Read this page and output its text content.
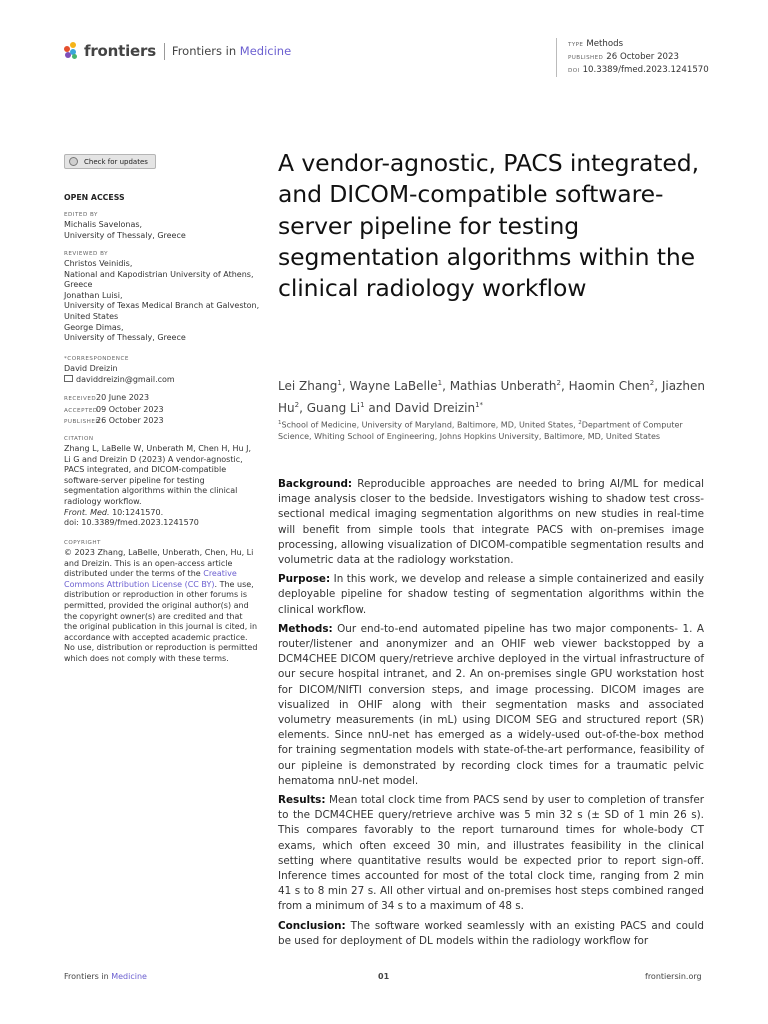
frontiers Frontiers in Medicine	TYPE Methods
PUBLISHED 26 October 2023
DOI 10.3389/fmed.2023.1241570
Check for updates
OPEN ACCESS
EDITED BY
Michalis Savelonas,
University of Thessaly, Greece
REVIEWED BY
Christos Veinidis,
National and Kapodistrian University of Athens, Greece
Jonathan Luisi,
University of Texas Medical Branch at Galveston, United States
George Dimas,
University of Thessaly, Greece
*CORRESPONDENCE
David Dreizin
daviddreizin@gmail.com
RECEIVED20 June 2023
ACCEPTED09 October 2023
PUBLISHED26 October 2023
CITATION
Zhang L, LaBelle W, Unberath M, Chen H, Hu J, Li G and Dreizin D (2023) A vendor-agnostic, PACS integrated, and DICOM-compatible software-server pipeline for testing segmentation algorithms within the clinical radiology workflow.
Front. Med. 10:1241570.
doi: 10.3389/fmed.2023.1241570
COPYRIGHT
© 2023 Zhang, LaBelle, Unberath, Chen, Hu, Li and Dreizin. This is an open-access article distributed under the terms of the Creative Commons Attribution License (CC BY). The use, distribution or reproduction in other forums is permitted, provided the original author(s) and the copyright owner(s) are credited and that the original publication in this journal is cited, in accordance with accepted academic practice. No use, distribution or reproduction is permitted which does not comply with these terms.
A vendor-agnostic, PACS integrated, and DICOM-compatible software-server pipeline for testing segmentation algorithms within the clinical radiology workflow
Lei Zhang$^1$, Wayne LaBelle$^1$, Mathias Unberath$^2$, Haomin Chen$^2$, Jiazhen Hu$^2$, Guang Li$^1$ and David Dreizin$^{1*}$
$^1$School of Medicine, University of Maryland, Baltimore, MD, United States, $^2$Department of Computer Science, Whiting School of Engineering, Johns Hopkins University, Baltimore, MD, United States

Background: Reproducible approaches are needed to bring AI/ML for medical image analysis closer to the bedside. Investigators wishing to shadow test cross-sectional medical imaging segmentation algorithms on new studies in real-time will benefit from simple tools that integrate PACS with on-premises image processing, allowing visualization of DICOM-compatible segmentation results and volumetric data at the radiology workstation.

Purpose: In this work, we develop and release a simple containerized and easily deployable pipeline for shadow testing of segmentation algorithms within the clinical workflow.

Methods: Our end-to-end automated pipeline has two major components- 1. A router/listener and anonymizer and an OHIF web viewer backstopped by a DCM4CHEE DICOM query/retrieve archive deployed in the virtual infrastructure of our secure hospital intranet, and 2. An on-premises single GPU workstation host for DICOM/NIfTI conversion steps, and image processing. DICOM images are visualized in OHIF along with their segmentation masks and associated volumetry measurements (in mL) using DICOM SEG and structured report (SR) elements. Since nnU-net has emerged as a widely-used out-of-the-box method for training segmentation models with state-of-the-art performance, feasibility of our pipleine is demonstrated by recording clock times for a traumatic pelvic hematoma nnU-net model.

Results: Mean total clock time from PACS send by user to completion of transfer to the DCM4CHEE query/retrieve archive was 5 min 32 s (± SD of 1 min 26 s). This compares favorably to the report turnaround times for whole-body CT exams, which often exceed 30 min, and illustrates feasibility in the clinical setting where quantitative results would be expected prior to report sign-off. Inference times accounted for most of the total clock time, ranging from 2 min 41 s to 8 min 27 s. All other virtual and on-premises host steps combined ranged from a minimum of 34 s to a maximum of 48 s.

Conclusion: The software worked seamlessly with an existing PACS and could be used for deployment of DL models within the radiology workflow for

Frontiers in Medicine	01	frontiersin.org
